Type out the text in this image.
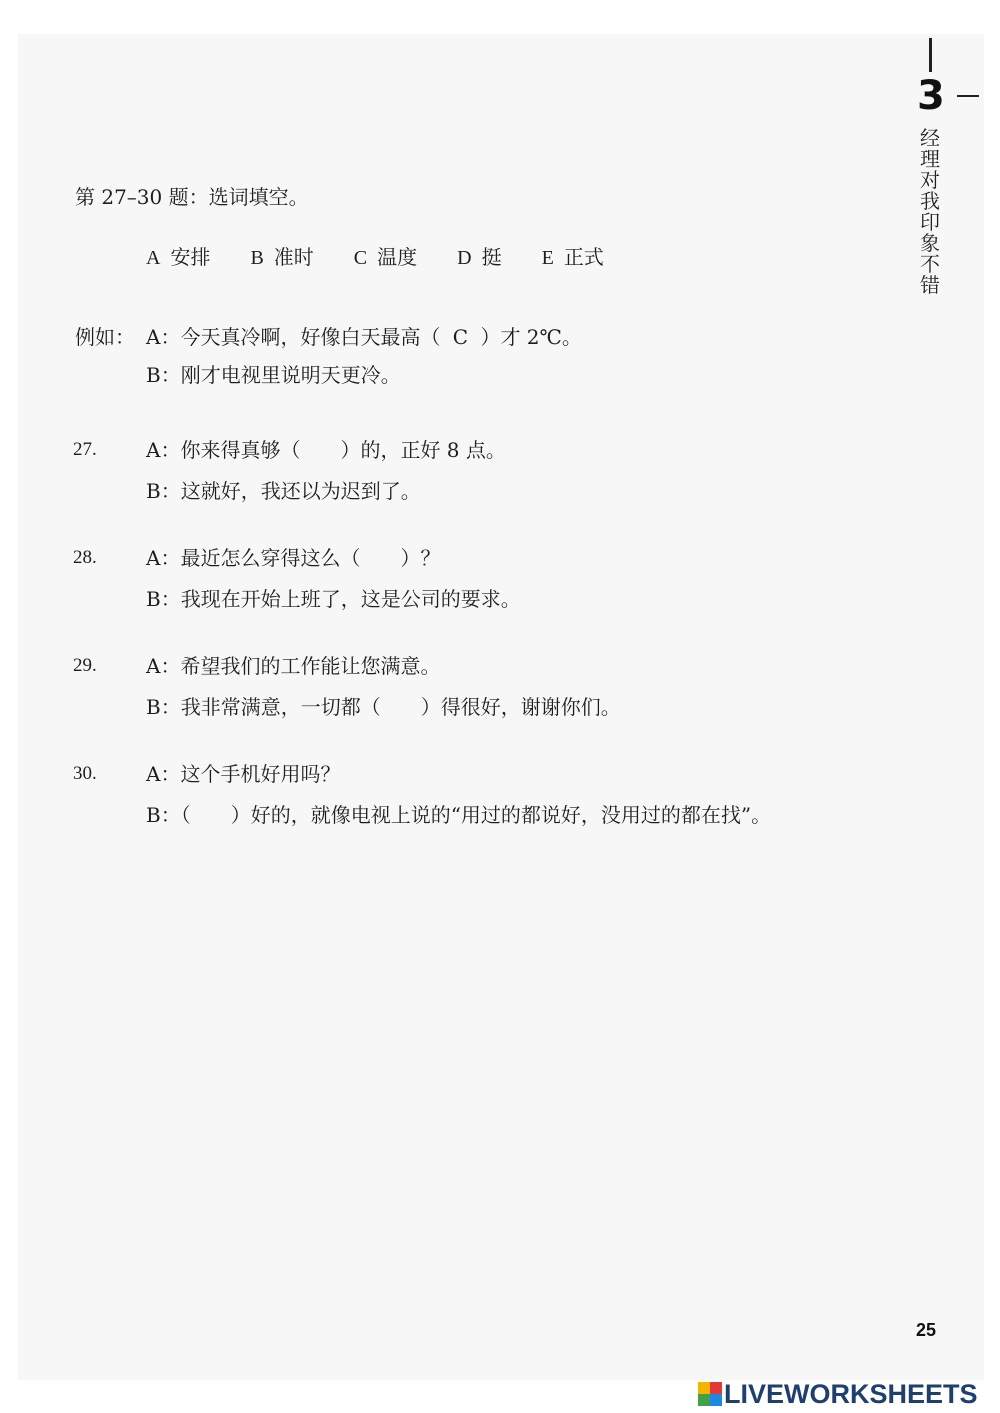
3
经理对我印象不错
第 27–30 题：选词填空。
A 安排 B 准时 C 温度 D 挺 E 正式
例如： A：今天真冷啊，好像白天最高（ C ）才 2℃。
B：刚才电视里说明天更冷。
27. A：你来得真够（ ）的，正好 8 点。
B：这就好，我还以为迟到了。
28. A：最近怎么穿得这么（ ）？
B：我现在开始上班了，这是公司的要求。
29. A：希望我们的工作能让您满意。
B：我非常满意，一切都（ ）得很好，谢谢你们。
30. A：这个手机好用吗？
B：（ ）好的，就像电视上说的“用过的都说好，没用过的都在找”。
25
LIVEWORKSHEETS
